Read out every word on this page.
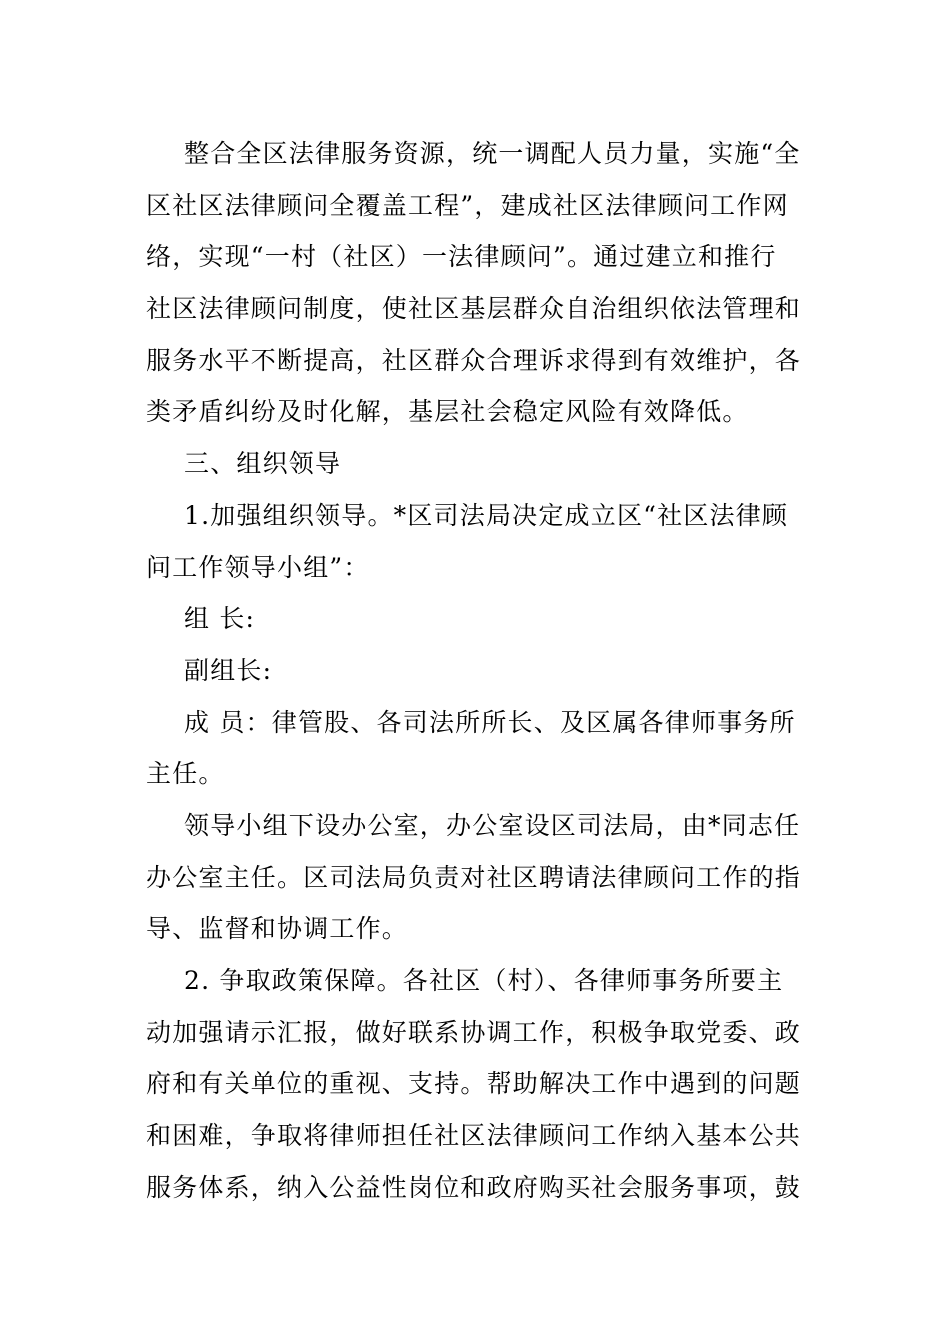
整合全区法律服务资源，统一调配人员力量，实施“全
区社区法律顾问全覆盖工程”，建成社区法律顾问工作网
络，实现“一村（社区）一法律顾问”。通过建立和推行
社区法律顾问制度，使社区基层群众自治组织依法管理和
服务水平不断提高，社区群众合理诉求得到有效维护，各
类矛盾纠纷及时化解，基层社会稳定风险有效降低。
三、组织领导
1.加强组织领导。*区司法局决定成立区“社区法律顾
问工作领导小组”：
组 长:
副组长:
成 员：律管股、各司法所所长、及区属各律师事务所
主任。
领导小组下设办公室，办公室设区司法局，由*同志任
办公室主任。区司法局负责对社区聘请法律顾问工作的指
导、监督和协调工作。
2. 争取政策保障。各社区（村）、各律师事务所要主
动加强请示汇报，做好联系协调工作，积极争取党委、政
府和有关单位的重视、支持。帮助解决工作中遇到的问题
和困难，争取将律师担任社区法律顾问工作纳入基本公共
服务体系，纳入公益性岗位和政府购买社会服务事项，鼓
